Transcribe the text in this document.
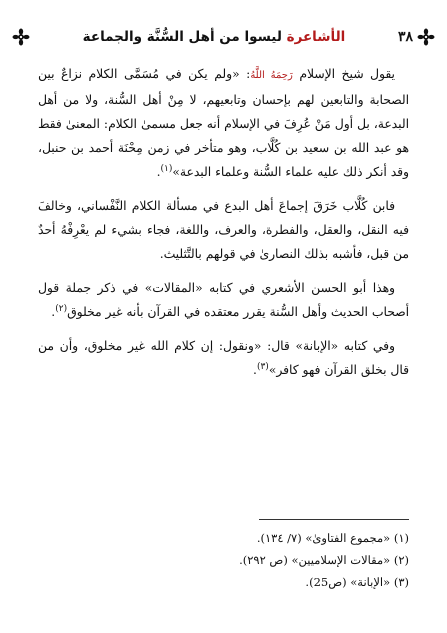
٣٨
الأشاعرة ليسوا من أهل السُّنَّة والجماعة

يقول شيخ الإسلام رَحِمَهُ اللَّهُ: «ولم يكن في مُسَمَّى الكلام نزاعٌ بين الصحابة والتابعين لهم بإحسان وتابعيهم، لا مِنْ أهل السُّنة، ولا من أهل البدعة، بل أول مَنْ عُرِفَ في الإسلام أنه جعل مسمىٰ الكلام: المعنىٰ فقط هو عبد الله بن سعيد بن كُلَّاب، وهو متأخر في زمن مِحْنَة أحمد بن حنبل، وقد أنكر ذلك عليه علماء السُّنة وعلماء البدعة»$^{(١)}$.

فابن كُلَّاب خَرَقَ إجماعَ أهل البدع في مسألة الكلام النَّفْساني، وخالفَ فيه النقل، والعقل، والفطرة، والعرف، واللغة، فجاء بشيء لم يعْرِفْهُ أحدٌ من قبل، فأشبه بذلك النصارىٰ في قولهم بالتَّثليث.

وهذا أبو الحسن الأشعري في كتابه «المقالات» في ذكر جملة قول أصحاب الحديث وأهل السُّنة يقرر معتقده في القرآن بأنه غير مخلوق$^{(٢)}$.

وفي كتابه «الإبانة» قال: «ونقول: إن كلام الله غير مخلوق، وأن من قال بخلق القرآن فهو كافر»$^{(٣)}$.

(١) «مجموع الفتاوىٰ» (٧/ ١٣٤).
(٢) «مقالات الإسلاميين» (ص ٢٩٢).
(٣) «الإبانة» (ص25).
